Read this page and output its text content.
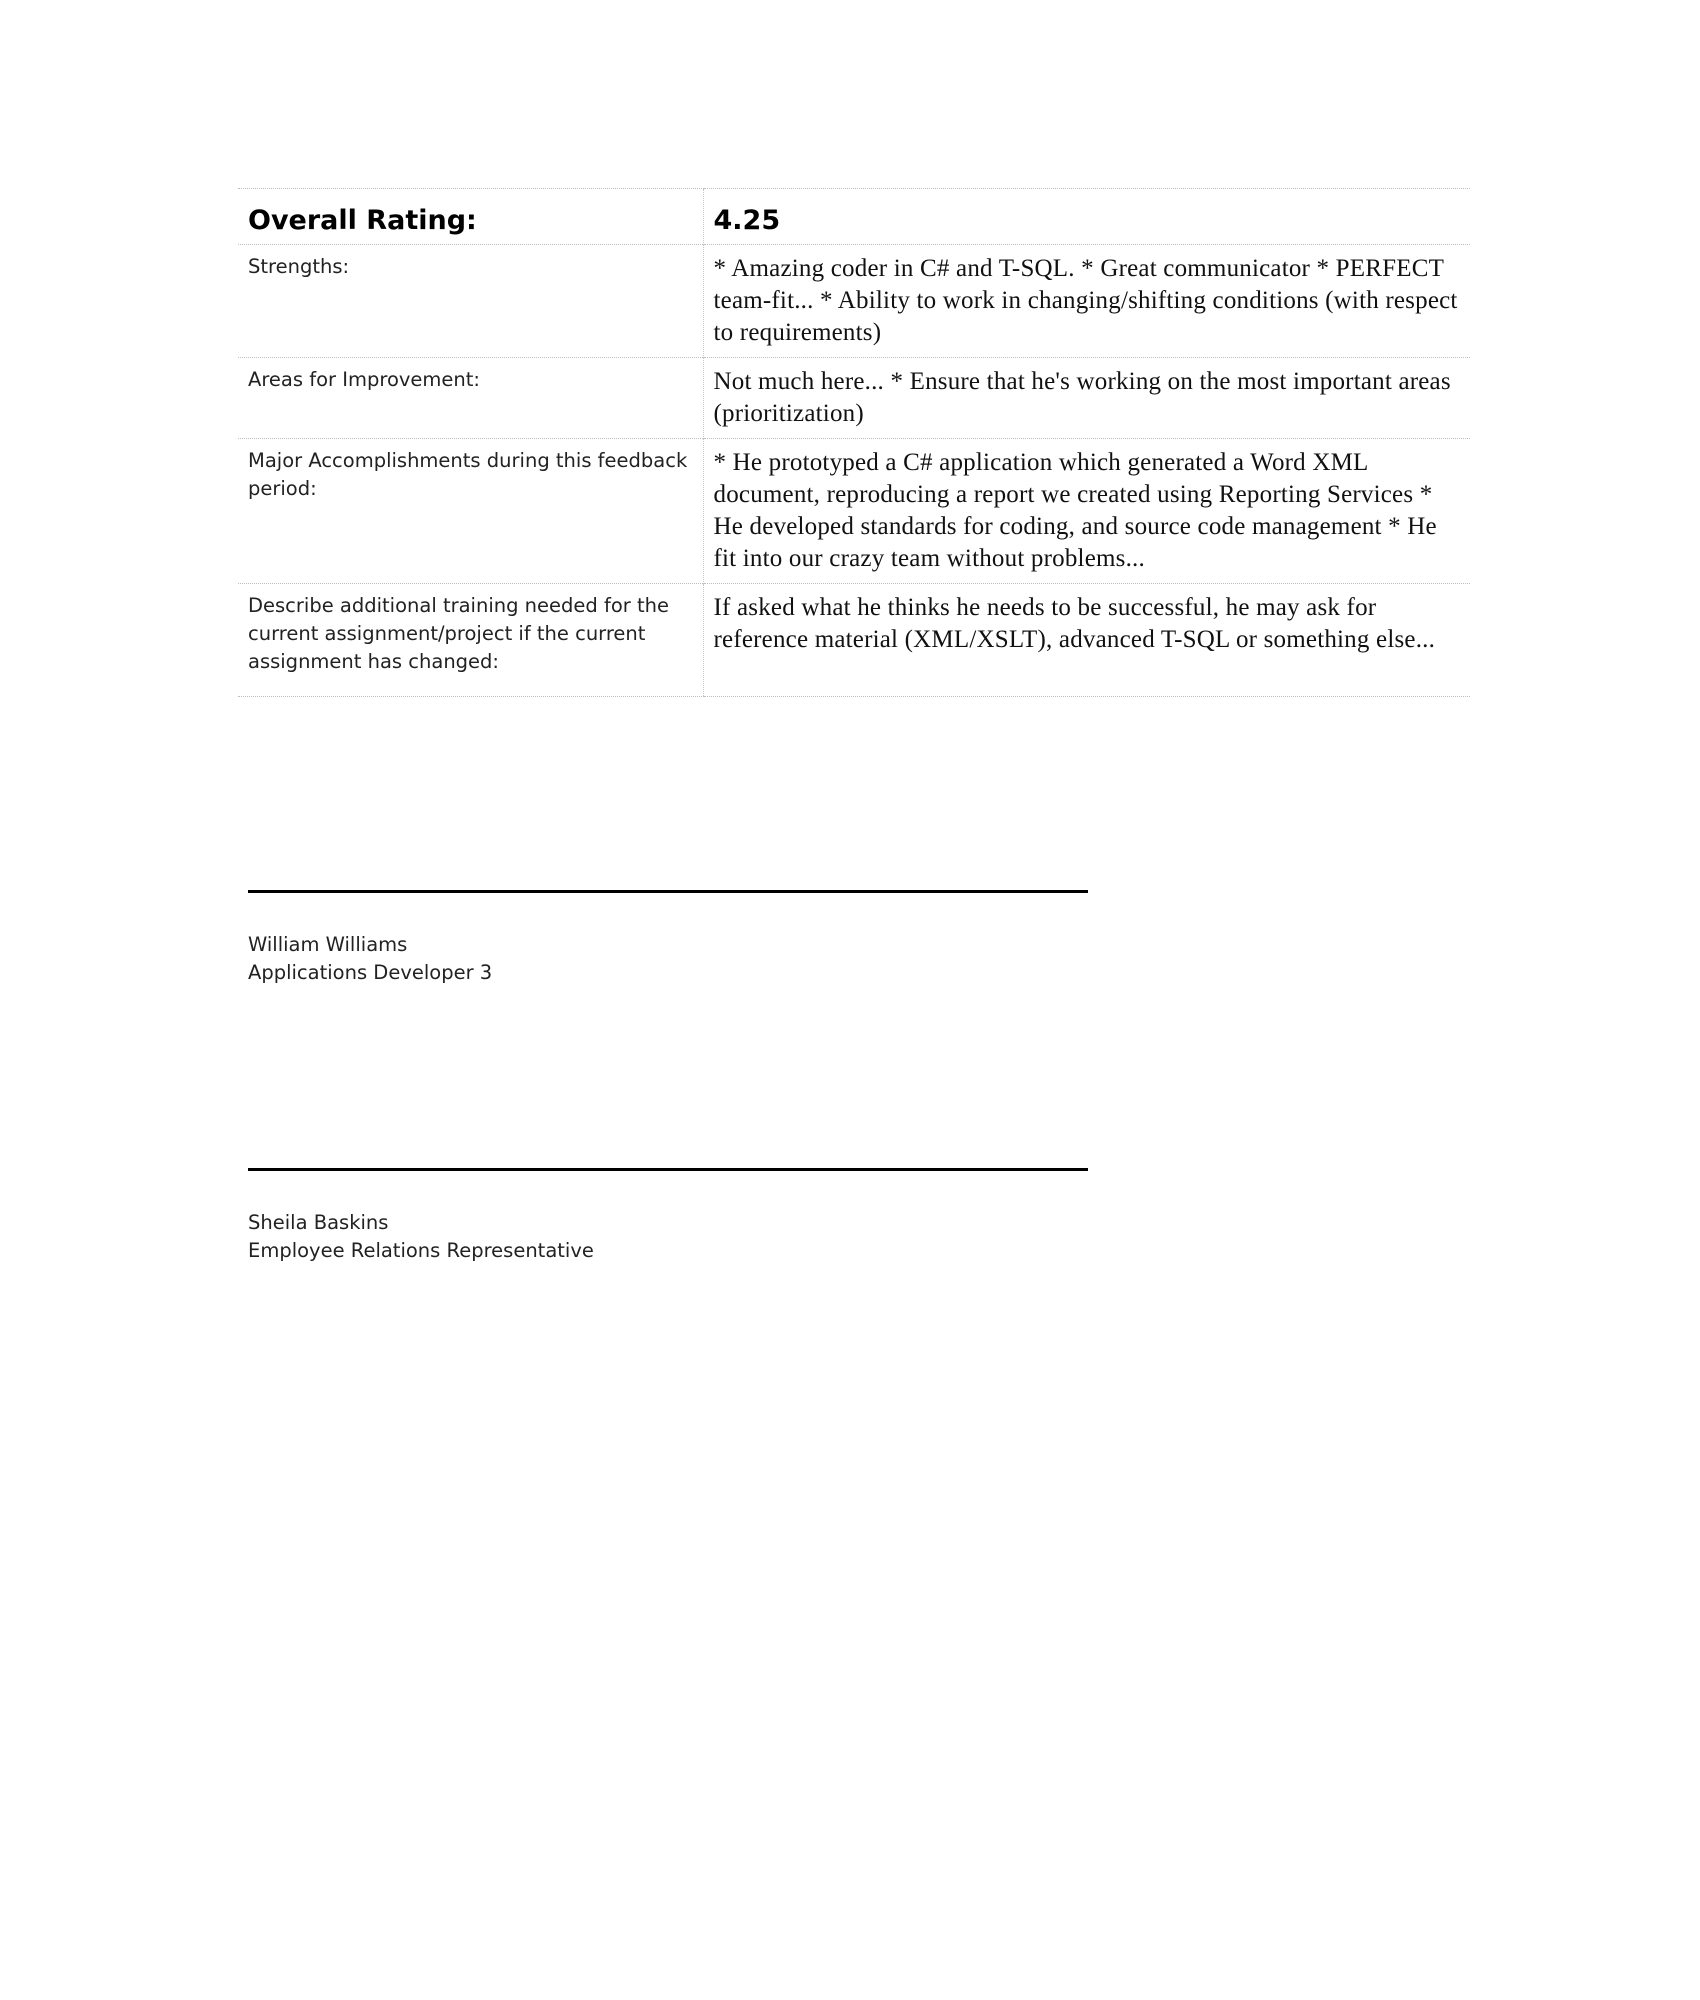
Overall Rating:	4.25
Strengths:	* Amazing coder in C# and T-SQL. * Great communicator * PERFECT team-fit... * Ability to work in changing/shifting conditions (with respect to requirements)
Areas for Improvement:	Not much here... * Ensure that he's working on the most important areas (prioritization)
Major Accomplishments during this feedback period:	* He prototyped a C# application which generated a Word XML document, reproducing a report we created using Reporting Services * He developed standards for coding, and source code management * He fit into our crazy team without problems...
Describe additional training needed for the current assignment/project if the current assignment has changed:	If asked what he thinks he needs to be successful, he may ask for reference material (XML/XSLT), advanced T-SQL or something else...
William Williams
Applications Developer 3
Sheila Baskins
Employee Relations Representative
